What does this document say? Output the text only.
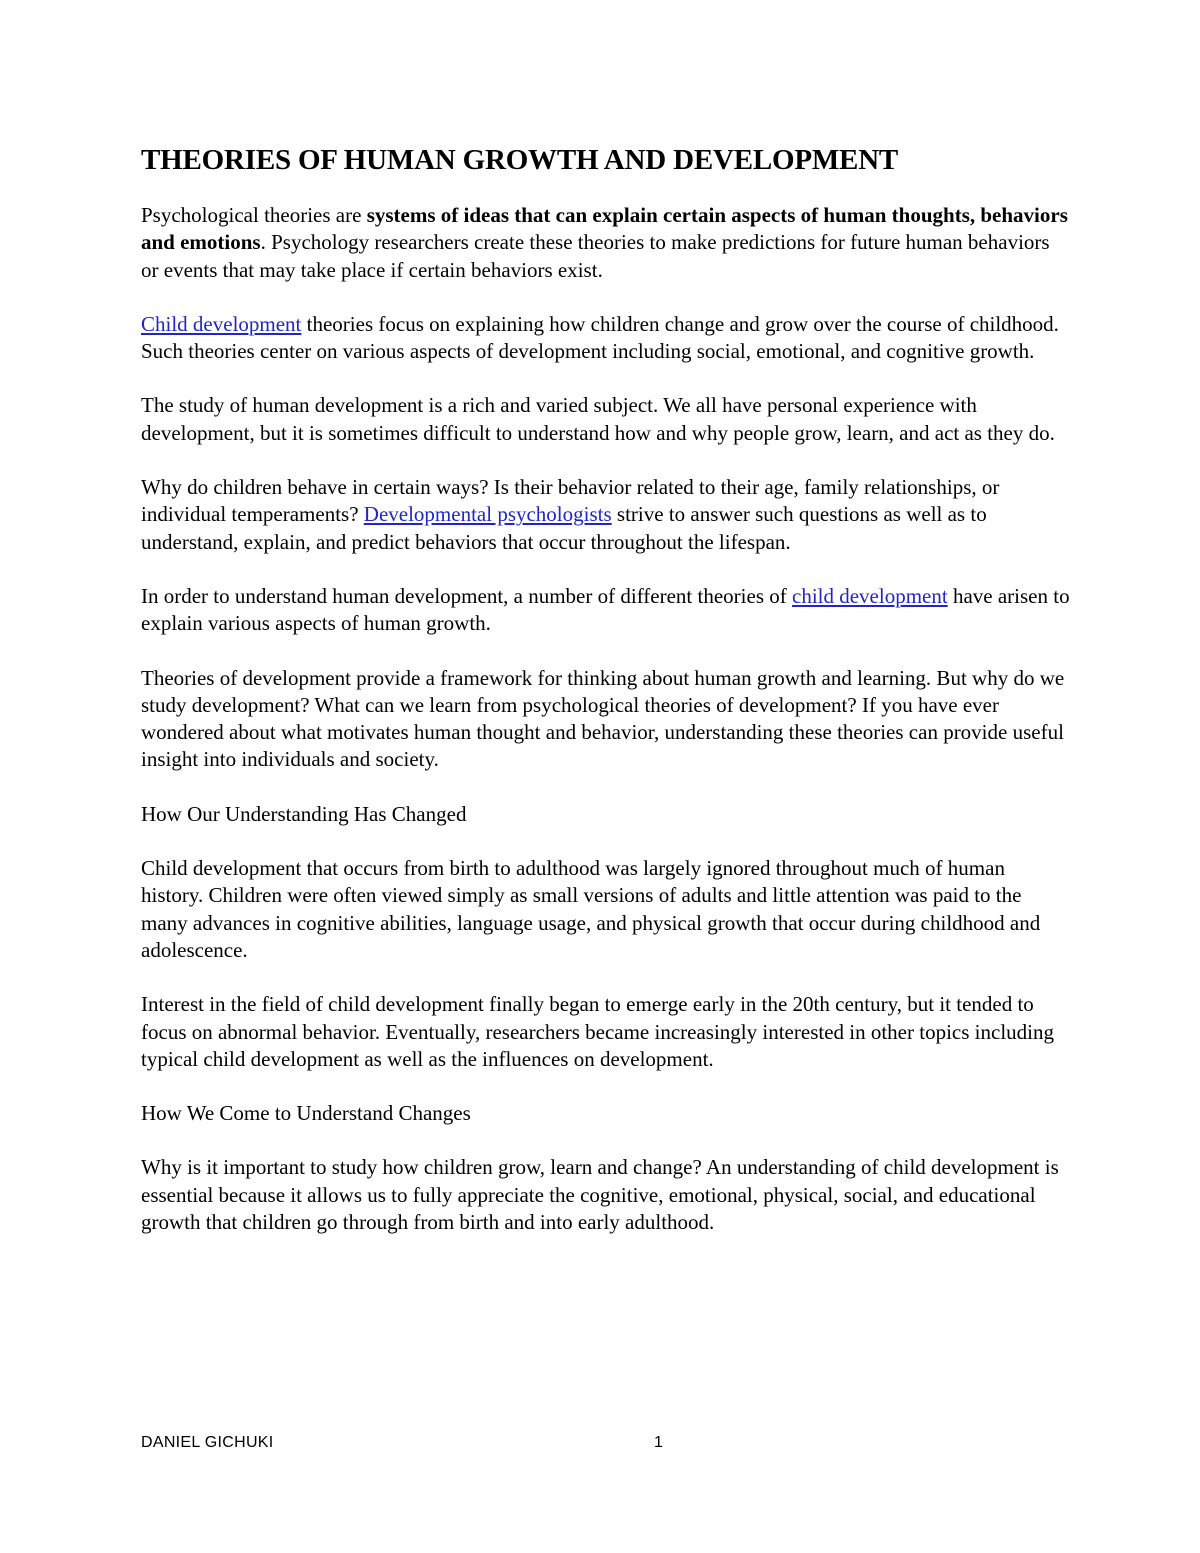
THEORIES OF HUMAN GROWTH AND DEVELOPMENT

Psychological theories are systems of ideas that can explain certain aspects of human thoughts, behaviors and emotions. Psychology researchers create these theories to make predictions for future human behaviors or events that may take place if certain behaviors exist.

Child development theories focus on explaining how children change and grow over the course of childhood. Such theories center on various aspects of development including social, emotional, and cognitive growth.

The study of human development is a rich and varied subject. We all have personal experience with development, but it is sometimes difficult to understand how and why people grow, learn, and act as they do.

Why do children behave in certain ways? Is their behavior related to their age, family relationships, or individual temperaments? Developmental psychologists strive to answer such questions as well as to understand, explain, and predict behaviors that occur throughout the lifespan.

In order to understand human development, a number of different theories of child development have arisen to explain various aspects of human growth.

Theories of development provide a framework for thinking about human growth and learning. But why do we study development? What can we learn from psychological theories of development? If you have ever wondered about what motivates human thought and behavior, understanding these theories can provide useful insight into individuals and society.

How Our Understanding Has Changed

Child development that occurs from birth to adulthood was largely ignored throughout much of human history. Children were often viewed simply as small versions of adults and little attention was paid to the many advances in cognitive abilities, language usage, and physical growth that occur during childhood and adolescence.

Interest in the field of child development finally began to emerge early in the 20th century, but it tended to focus on abnormal behavior. Eventually, researchers became increasingly interested in other topics including typical child development as well as the influences on development.

How We Come to Understand Changes

Why is it important to study how children grow, learn and change? An understanding of child development is essential because it allows us to fully appreciate the cognitive, emotional, physical, social, and educational growth that children go through from birth and into early adulthood.

DANIEL GICHUKI	1
